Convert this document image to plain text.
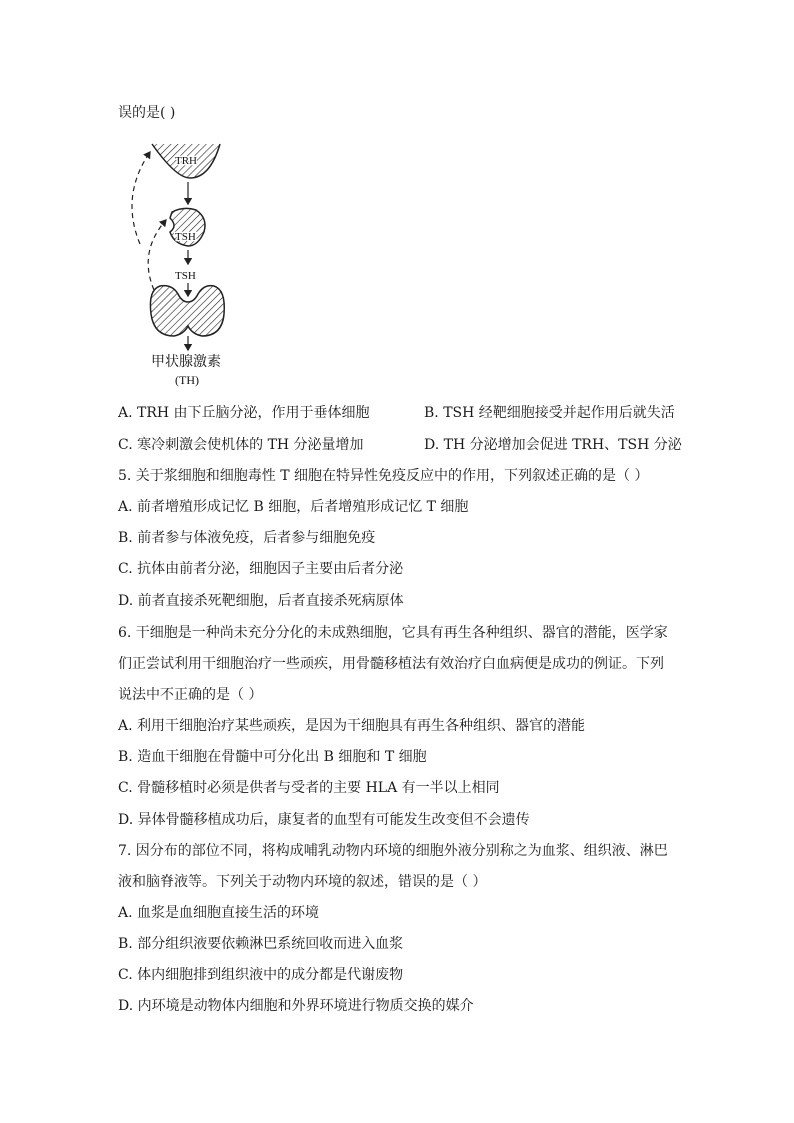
误的是( )
TRH
TSH
TSH
甲状腺激素
(TH)
A. TRH 由下丘脑分泌，作用于垂体细胞	B. TSH 经靶细胞接受并起作用后就失活
C. 寒冷刺激会使机体的 TH 分泌量增加	D. TH 分泌增加会促进 TRH、TSH 分泌
5. 关于浆细胞和细胞毒性 T 细胞在特异性免疫反应中的作用，下列叙述正确的是（ ）
A. 前者增殖形成记忆 B 细胞，后者增殖形成记忆 T 细胞
B. 前者参与体液免疫，后者参与细胞免疫
C. 抗体由前者分泌，细胞因子主要由后者分泌
D. 前者直接杀死靶细胞，后者直接杀死病原体
6. 干细胞是一种尚未充分分化的未成熟细胞，它具有再生各种组织、器官的潜能，医学家
们正尝试利用干细胞治疗一些顽疾，用骨髓移植法有效治疗白血病便是成功的例证。下列
说法中不正确的是（ ）
A. 利用干细胞治疗某些顽疾，是因为干细胞具有再生各种组织、器官的潜能
B. 造血干细胞在骨髓中可分化出 B 细胞和 T 细胞
C. 骨髓移植时必须是供者与受者的主要 HLA 有一半以上相同
D. 异体骨髓移植成功后，康复者的血型有可能发生改变但不会遗传
7. 因分布的部位不同，将构成哺乳动物内环境的细胞外液分别称之为血浆、组织液、淋巴
液和脑脊液等。下列关于动物内环境的叙述，错误的是（ ）
A. 血浆是血细胞直接生活的环境
B. 部分组织液要依赖淋巴系统回收而进入血浆
C. 体内细胞排到组织液中的成分都是代谢废物
D. 内环境是动物体内细胞和外界环境进行物质交换的媒介
